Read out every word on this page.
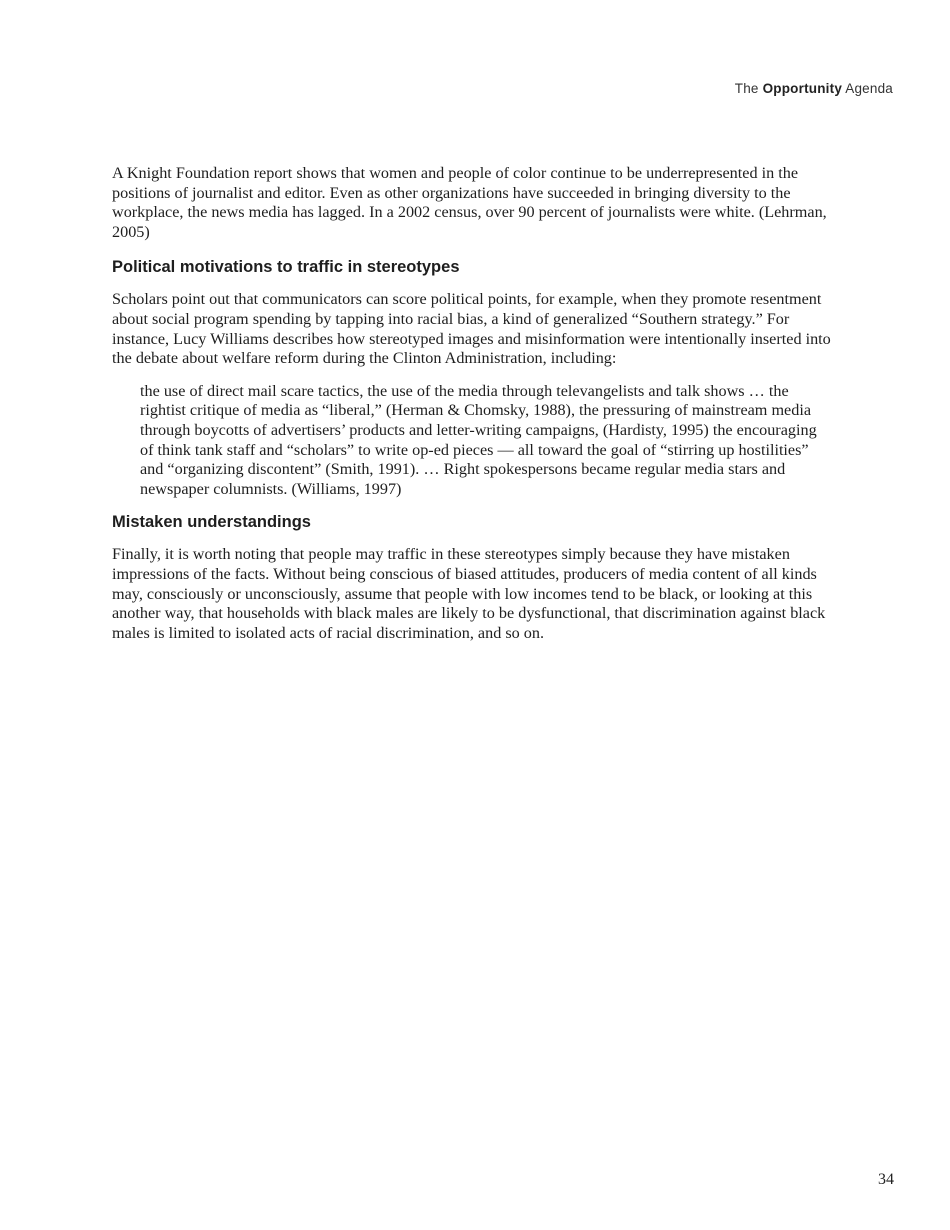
The Opportunity Agenda

A Knight Foundation report shows that women and people of color continue to be underrepresented in the positions of journalist and editor. Even as other organizations have succeeded in bringing diversity to the workplace, the news media has lagged. In a 2002 census, over 90 percent of journalists were white. (Lehrman, 2005)

Political motivations to traffic in stereotypes

Scholars point out that communicators can score political points, for example, when they promote resentment about social program spending by tapping into racial bias, a kind of generalized “Southern strategy.” For instance, Lucy Williams describes how stereotyped images and misinformation were intentionally inserted into the debate about welfare reform during the Clinton Administration, including:

the use of direct mail scare tactics, the use of the media through televangelists and talk shows … the rightist critique of media as “liberal,” (Herman & Chomsky, 1988), the pressuring of mainstream media through boycotts of advertisers’ products and letter-writing campaigns, (Hardisty, 1995) the encouraging of think tank staff and “scholars” to write op-ed pieces — all toward the goal of “stirring up hostilities” and “organizing discontent” (Smith, 1991). … Right spokespersons became regular media stars and newspaper columnists. (Williams, 1997)
Mistaken understandings

Finally, it is worth noting that people may traffic in these stereotypes simply because they have mistaken impressions of the facts. Without being conscious of biased attitudes, producers of media content of all kinds may, consciously or unconsciously, assume that people with low incomes tend to be black, or looking at this another way, that households with black males are likely to be dysfunctional, that discrimination against black males is limited to isolated acts of racial discrimination, and so on.

34
